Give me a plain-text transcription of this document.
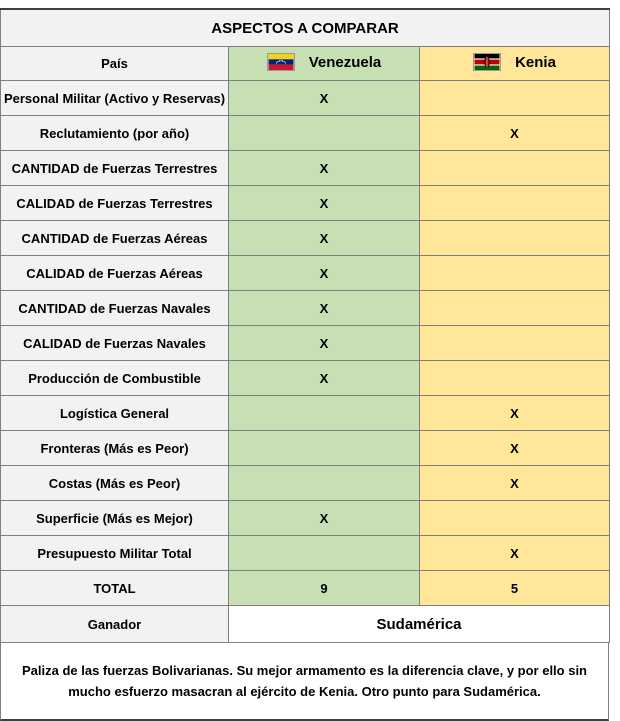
ASPECTOS A COMPARAR		
País	Venezuela	Kenia

Personal Militar (Activo y Reservas)	X	
Reclutamiento (por año)		X
CANTIDAD de Fuerzas Terrestres	X	
CALIDAD de Fuerzas Terrestres	X	
CANTIDAD de Fuerzas Aéreas	X	
CALIDAD de Fuerzas Aéreas	X	
CANTIDAD de Fuerzas Navales	X	
CALIDAD de Fuerzas Navales	X	
Producción de Combustible	X	
Logística General		X
Fronteras (Más es Peor)		X
Costas (Más es Peor)		X
Superficie (Más es Mejor)	X	
Presupuesto Militar Total		X
TOTAL	9	5
Ganador	Sudamérica	
Paliza de las fuerzas Bolivarianas. Su mejor armamento es la diferencia clave, y por ello sin mucho esfuerzo masacran al ejército de Kenia. Otro punto para Sudamérica.
